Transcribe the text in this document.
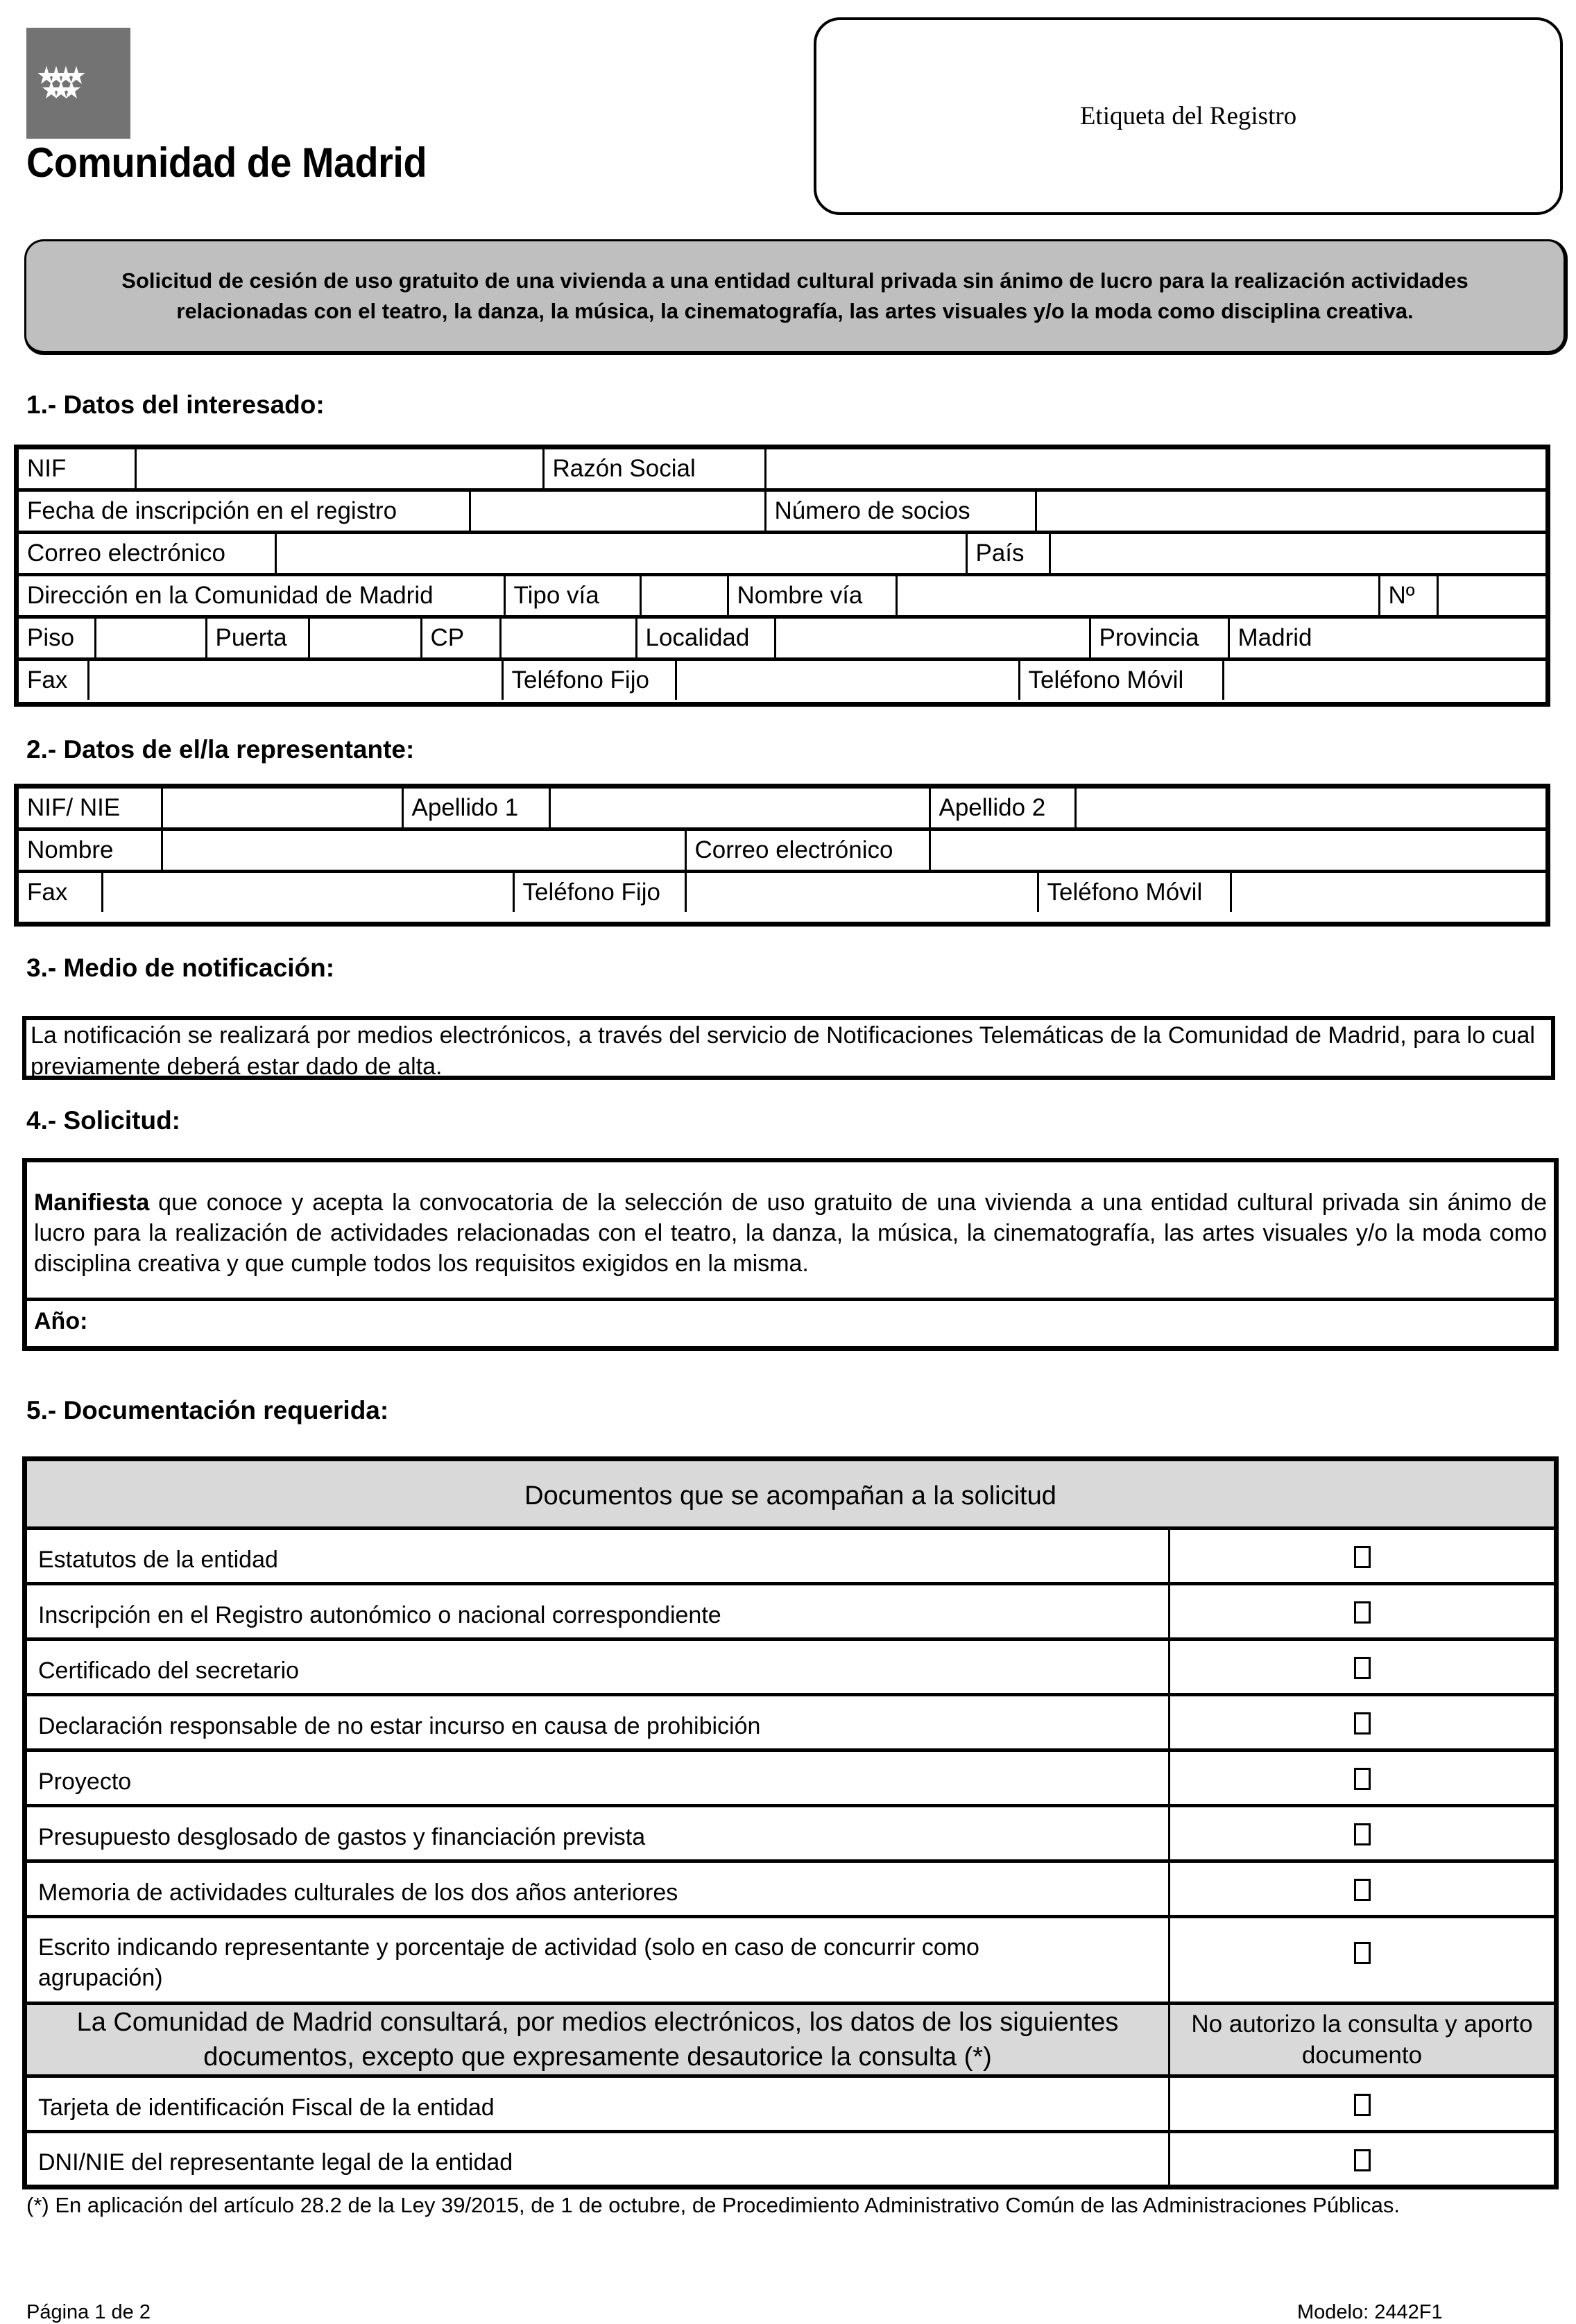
Comunidad de Madrid
Etiqueta del Registro
Solicitud de cesión de uso gratuito de una vivienda a una entidad cultural privada sin ánimo de lucro para la realización actividades relacionadas con el teatro, la danza, la música, la cinematografía, las artes visuales y/o la moda como disciplina creativa.
1.- Datos del interesado:
NIF		Razón Social	
Fecha de inscripción en el registro		Número de socios	
Correo electrónico		País	
Dirección en la Comunidad de Madrid	Tipo vía		Nombre vía		Nº	
Piso		Puerta		CP		Localidad		Provincia	Madrid
Fax		Teléfono Fijo		Teléfono Móvil	
2.- Datos de el/la representante:
NIF/ NIE		Apellido 1		Apellido 2	
Nombre		Correo electrónico	
Fax		Teléfono Fijo		Teléfono Móvil	
3.- Medio de notificación:
La notificación se realizará por medios electrónicos, a través del servicio de Notificaciones Telemáticas de la Comunidad de Madrid, para lo cual previamente deberá estar dado de alta.
4.- Solicitud:
Manifiesta que conoce y acepta la convocatoria de la selección de uso gratuito de una vivienda a una entidad cultural privada sin ánimo de lucro para la realización de actividades relacionadas con el teatro, la danza, la música, la cinematografía, las artes visuales y/o la moda como disciplina creativa y que cumple todos los requisitos exigidos en la misma.
Año:
5.- Documentación requerida:
Documentos que se acompañan a la solicitud	
Estatutos de la entidad	
Inscripción en el Registro autonómico o nacional correspondiente	
Certificado del secretario	
Declaración responsable de no estar incurso en causa de prohibición	
Proyecto	
Presupuesto desglosado de gastos y financiación prevista	
Memoria de actividades culturales de los dos años anteriores	
Escrito indicando representante y porcentaje de actividad (solo en caso de concurrir como agrupación)	
La Comunidad de Madrid consultará, por medios electrónicos, los datos de los siguientes documentos, excepto que expresamente desautorice la consulta (*)	No autorizo la consulta y aporto documento
Tarjeta de identificación Fiscal de la entidad	
DNI/NIE del representante legal de la entidad	
(*) En aplicación del artículo 28.2 de la Ley 39/2015, de 1 de octubre, de Procedimiento Administrativo Común de las Administraciones Públicas.
Página 1 de 2	Modelo: 2442F1
